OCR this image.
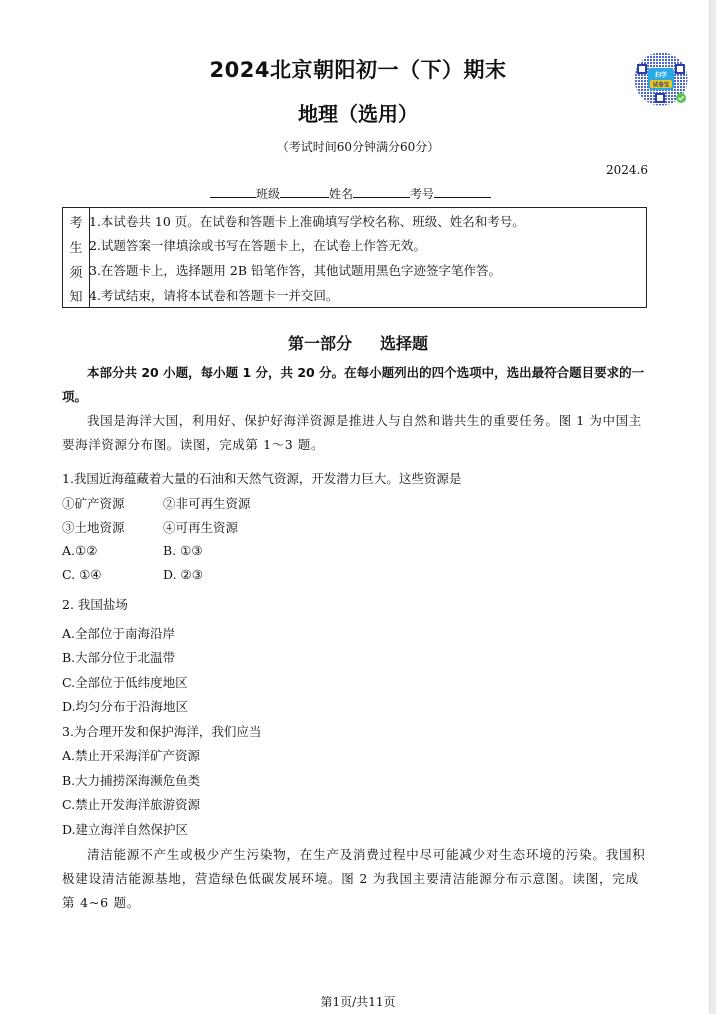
2024北京朝阳初一（下）期末
地理（选用）
（考试时间60分钟满分60分）
2024.6
班级	姓名	考号
扫学
试卷宝
考
生
须
知
1.本试卷共 10 页。在试卷和答题卡上准确填写学校名称、班级、姓名和考号。
2.试题答案一律填涂或书写在答题卡上，在试卷上作答无效。
3.在答题卡上，选择题用 2B 铅笔作答，其他试题用黑色字迹签字笔作答。
4.考试结束，请将本试卷和答题卡一并交回。
第一部分 选择题
本部分共 20 小题，每小题 1 分，共 20 分。在每小题列出的四个选项中，选出最符合题目要求的一项。
我国是海洋大国，利用好、保护好海洋资源是推进人与自然和谐共生的重要任务。图 1 为中国主要海洋资源分布图。读图，完成第 1～3 题。
1.我国近海蕴藏着大量的石油和天然气资源，开发潜力巨大。这些资源是
①矿产资源	②非可再生资源
③土地资源	④可再生资源
A.①②	B. ①③
C. ①④	D. ②③
2. 我国盐场
A.全部位于南海沿岸
B.大部分位于北温带
C.全部位于低纬度地区
D.均匀分布于沿海地区
3.为合理开发和保护海洋，我们应当
A.禁止开采海洋矿产资源
B.大力捕捞深海濒危鱼类
C.禁止开发海洋旅游资源
D.建立海洋自然保护区
清洁能源不产生或极少产生污染物，在生产及消费过程中尽可能减少对生态环境的污染。我国积极建设清洁能源基地，营造绿色低碳发展环境。图 2 为我国主要清洁能源分布示意图。读图，完成第 4~6 题。
第1页/共11页
